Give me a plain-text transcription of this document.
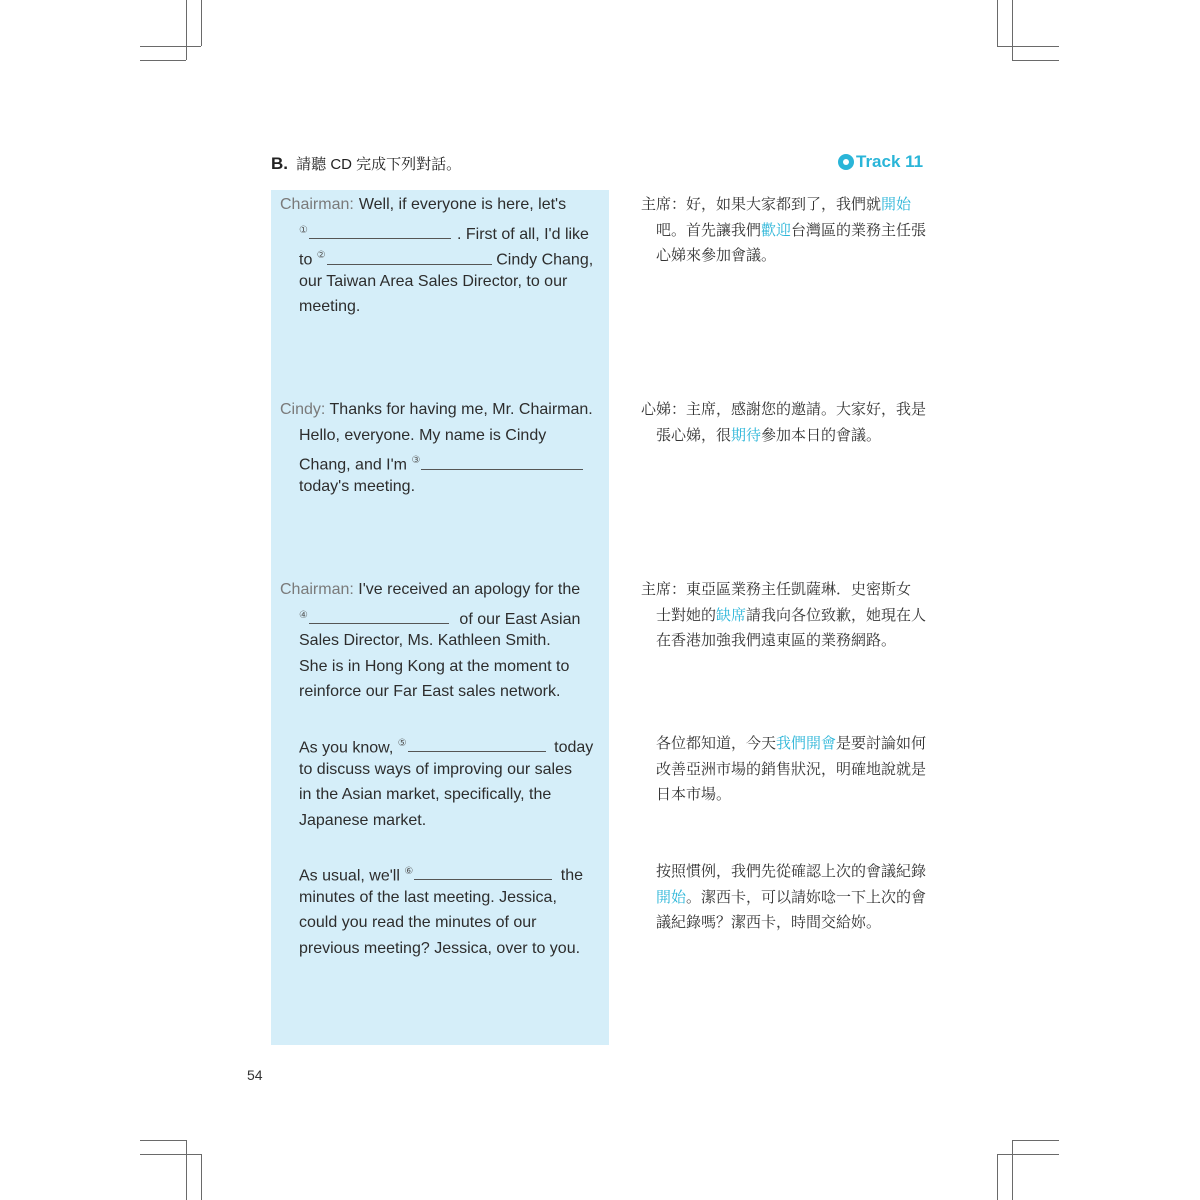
B. 請聽 CD 完成下列對話。	Track 11
Chairman: Well, if everyone is here, let's
①	. First of all, I'd like
to ②	Cindy Chang,
our Taiwan Area Sales Director, to our
meeting.
主席：好，如果大家都到了，我們就開始
吧。首先讓我們歡迎台灣區的業務主任張
心娣來參加會議。
Cindy: Thanks for having me, Mr. Chairman.
Hello, everyone. My name is Cindy
Chang, and I'm ③
today's meeting.
心娣：主席，感謝您的邀請。大家好，我是
張心娣，很期待參加本日的會議。
Chairman: I've received an apology for the
④	of our East Asian
Sales Director, Ms. Kathleen Smith.
She is in Hong Kong at the moment to
reinforce our Far East sales network.
主席：東亞區業務主任凱薩琳．史密斯女
士對她的缺席請我向各位致歉，她現在人
在香港加強我們遠東區的業務網路。
As you know, ⑤	today
to discuss ways of improving our sales
in the Asian market, specifically, the
Japanese market.
各位都知道，今天我們開會是要討論如何
改善亞洲市場的銷售狀況，明確地說就是
日本市場。
As usual, we'll ⑥	the
minutes of the last meeting. Jessica,
could you read the minutes of our
previous meeting? Jessica, over to you.
按照慣例，我們先從確認上次的會議紀錄
開始。潔西卡，可以請妳唸一下上次的會
議紀錄嗎？潔西卡，時間交給妳。
54
